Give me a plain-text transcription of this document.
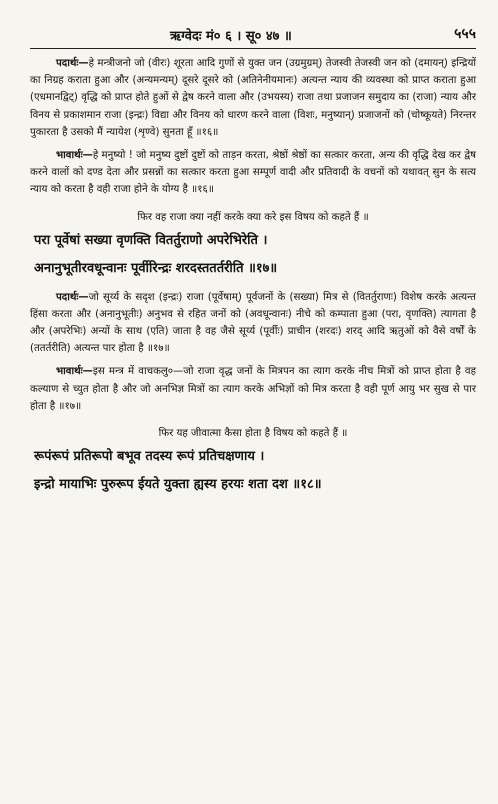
ऋग्वेदः मं० ६ । सू० ४७ ॥	५५५

पदार्थः—हे मन्त्रीजनो जो (वीरः) शूरता आदि गुणों से युक्त जन (उग्रमुग्रम्) तेजस्वी तेजस्वी जन को (दमायन्) इन्द्रियों का निग्रह कराता हुआ और (अन्यमन्यम्) दूसरे दूसरे को (अतिनेनीयमानः) अत्यन्त न्याय की व्यवस्था को प्राप्त कराता हुआ (एधमानद्विट्) वृद्धि को प्राप्त होते हुओं से द्वेष करने वाला और (उभयस्य) राजा तथा प्रजाजन समुदाय का (राजा) न्याय और विनय से प्रकाशमान राजा (इन्द्रः) विद्या और विनय को धारण करने वाला (विशः, मनुष्यान्) प्रजाजनों को (चोष्कूयते) निरन्तर पुकारता है उसको मैं न्यायेश (शृण्वे) सुनता हूँ ॥१६॥

भावार्थः—हे मनुष्यो ! जो मनुष्य दुष्टों दुष्टों को ताड़न करता, श्रेष्ठों श्रेष्ठों का सत्कार करता, अन्य की वृद्धि देख कर द्वेष करने वालों को दण्ड देता और प्रसन्नों का सत्कार करता हुआ सम्पूर्ण वादी और प्रतिवादी के वचनों को यथावत् सुन के सत्य न्याय को करता है वही राजा होने के योग्य है ॥१६॥

फिर वह राजा क्या नहीं करके क्या करे इस विषय को कहते हैं ॥

परा पूर्वेषां सख्या वृणक्ति वितर्तुराणो अपरेभिरेति ।

अनानुभूतीरवधून्वानः पूर्वीरिन्द्रः शरदस्ततर्तरीति ॥१७॥

पदार्थः—जो सूर्य्य के सदृश (इन्द्रः) राजा (पूर्वेषाम्) पूर्वजनों के (सख्या) मित्र से (वितर्तुराणः) विशेष करके अत्यन्त हिंसा करता और (अनानुभूतीः) अनुभव से रहित जनों को (अवधून्वानः) नीचे को कम्पाता हुआ (परा, वृणक्ति) त्यागता है और (अपरेभिः) अन्यों के साथ (एति) जाता है वह जैसे सूर्य्य (पूर्वीः) प्राचीन (शरदः) शरद् आदि ऋतुओं को वैसे वर्षों के (ततर्तरीति) अत्यन्त पार होता है ॥१७॥

भावार्थः—इस मन्त्र में वाचकलु०—जो राजा वृद्ध जनों के मित्रपन का त्याग करके नीच मित्रों को प्राप्त होता है वह कल्याण से च्युत होता है और जो अनभिज्ञ मित्रों का त्याग करके अभिज्ञों को मित्र करता है वही पूर्ण आयु भर सुख से पार होता है ॥१७॥

फिर यह जीवात्मा कैसा होता है विषय को कहते हैं ॥

रूपंरूपं प्रतिरूपो बभूव तदस्य रूपं प्रतिचक्षणाय ।

इन्द्रो मायाभिः पुरुरूप ईयते युक्ता ह्यस्य हरयः शता दश ॥१८॥
